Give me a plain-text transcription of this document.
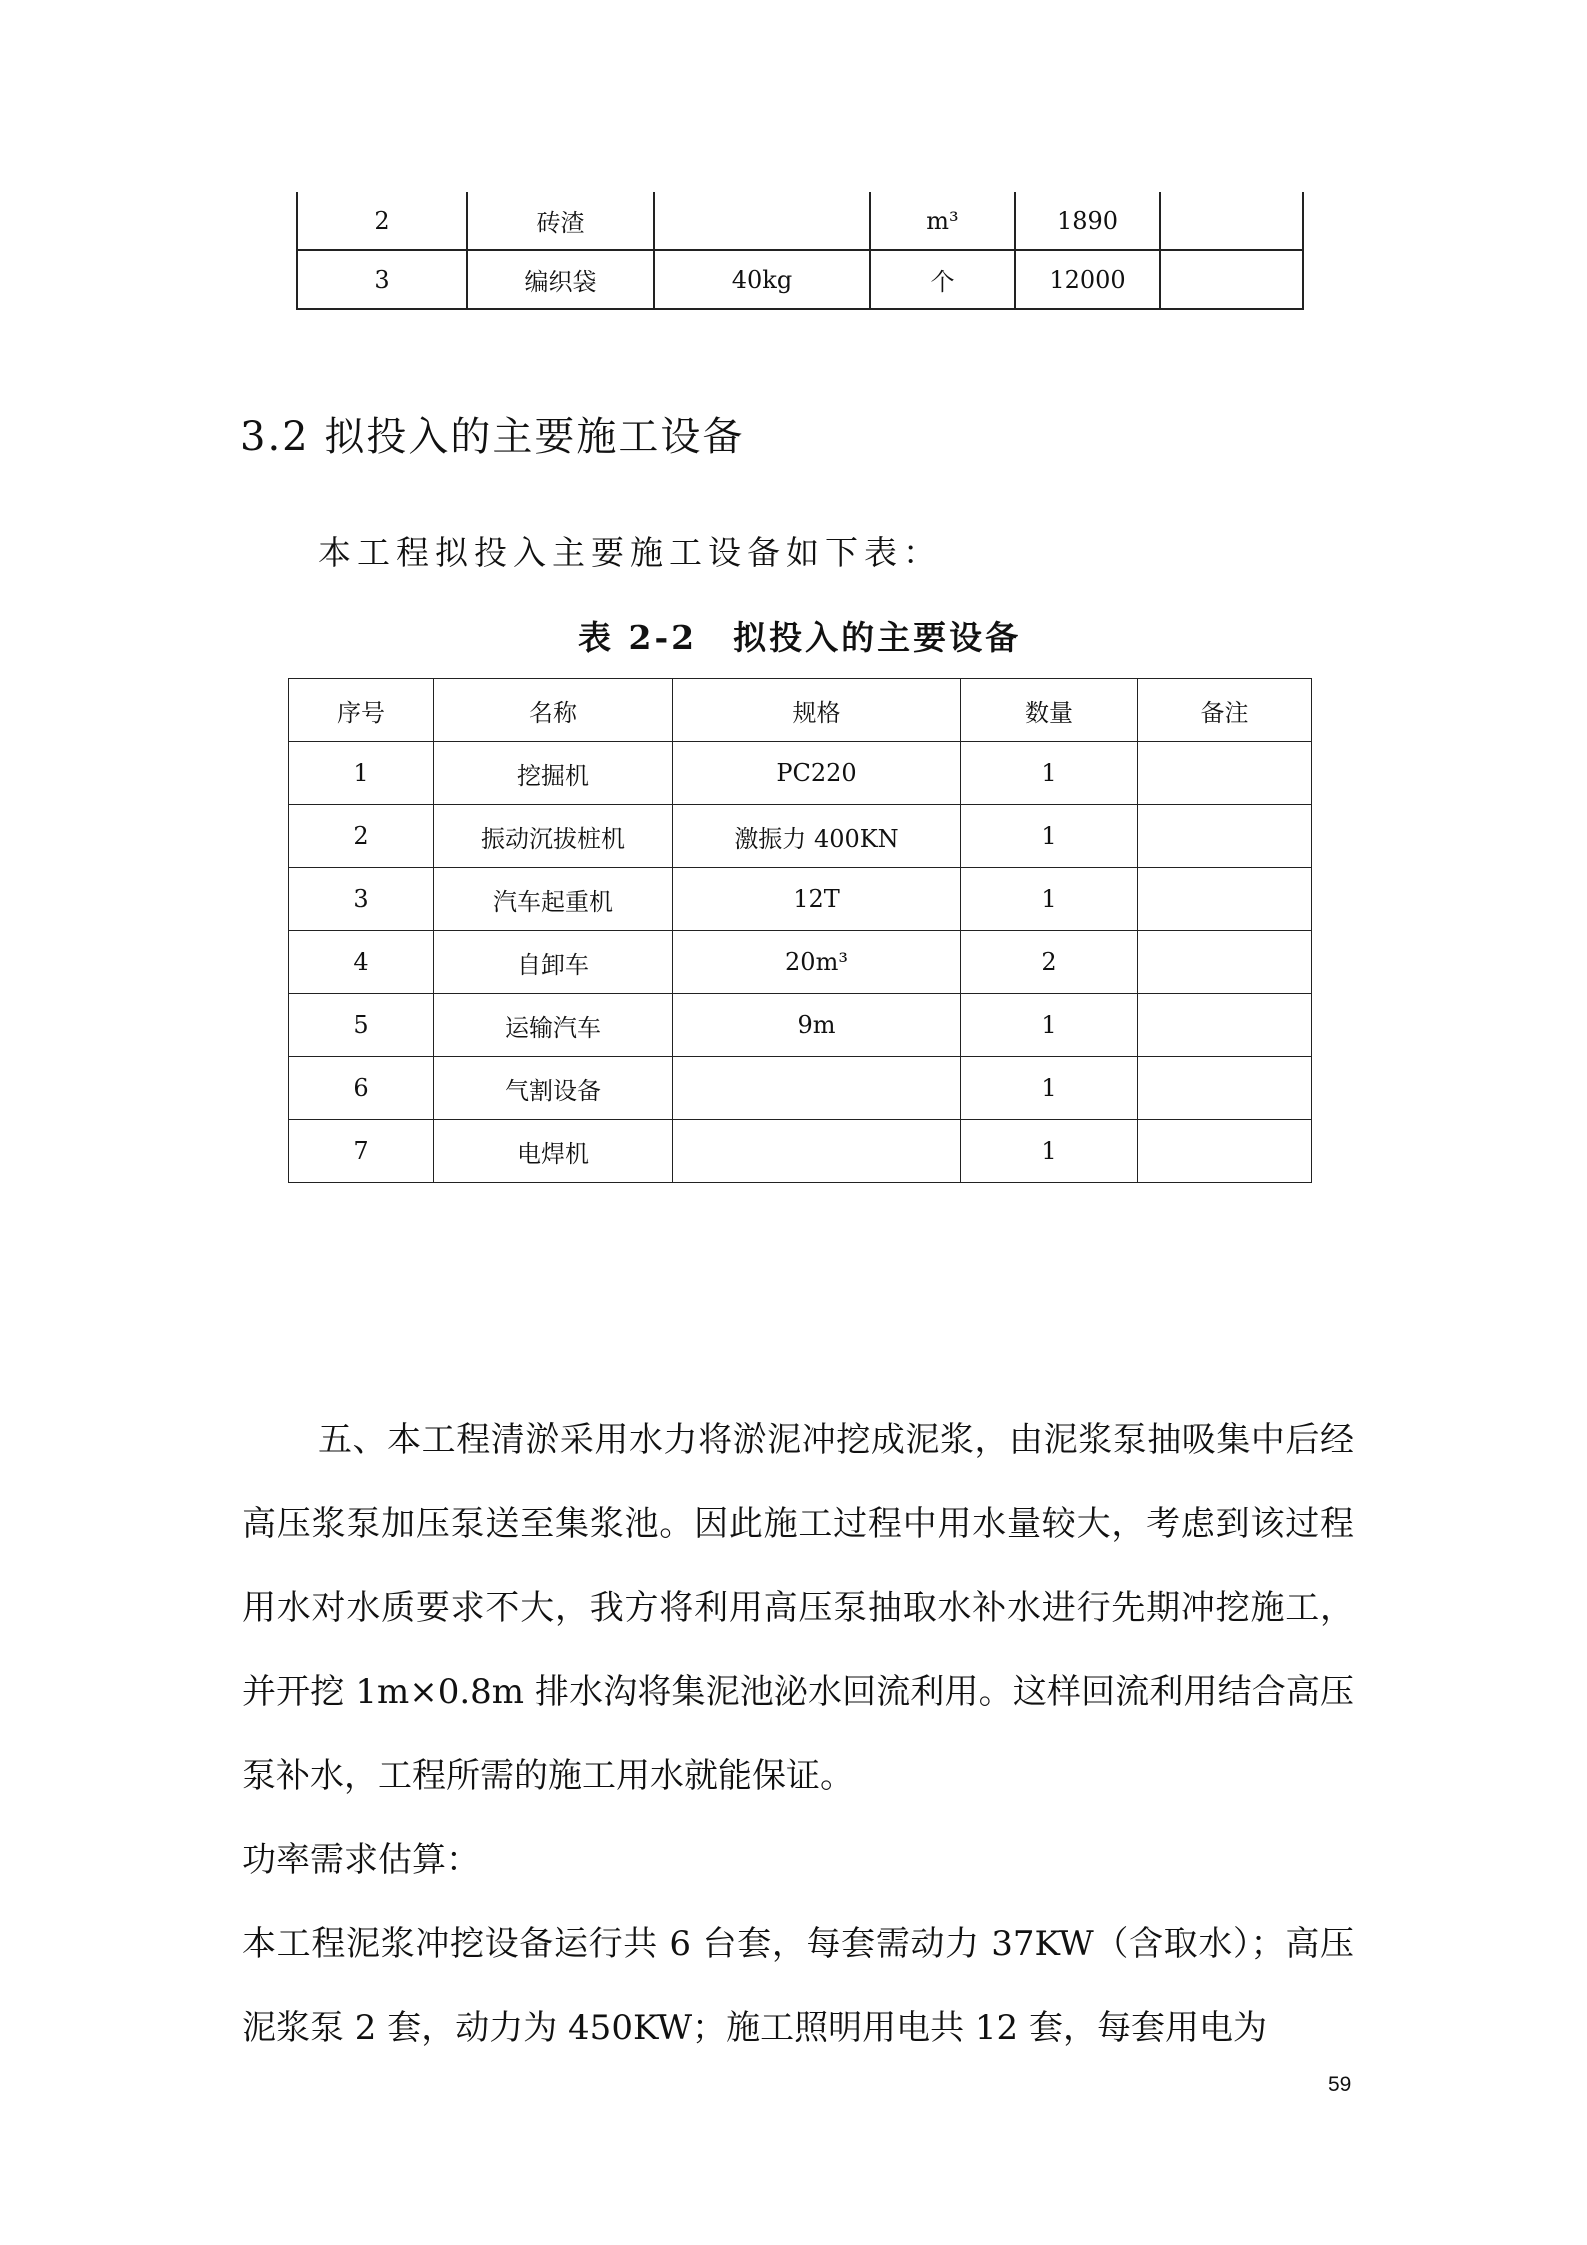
2	砖渣		m³	1890	
3	编织袋	40kg	个	12000	
3.2 拟投入的主要施工设备
本工程拟投入主要施工设备如下表：
表 2-2　拟投入的主要设备
序号	名称	规格	数量	备注
1	挖掘机	PC220	1	
2	振动沉拔桩机	激振力 400KN	1	
3	汽车起重机	12T	1	
4	自卸车	20m³	2	
5	运输汽车	9m	1	
6	气割设备		1	
7	电焊机		1	

五、本工程清淤采用水力将淤泥冲挖成泥浆，由泥浆泵抽吸集中后经高压浆泵加压泵送至集浆池。因此施工过程中用水量较大，考虑到该过程用水对水质要求不大，我方将利用高压泵抽取水补水进行先期冲挖施工，并开挖 1m×0.8m 排水沟将集泥池泌水回流利用。这样回流利用结合高压泵补水，工程所需的施工用水就能保证。

功率需求估算：

本工程泥浆冲挖设备运行共 6 台套，每套需动力 37KW（含取水）；高压泥浆泵 2 套，动力为 450KW；施工照明用电共 12 套，每套用电为

59
